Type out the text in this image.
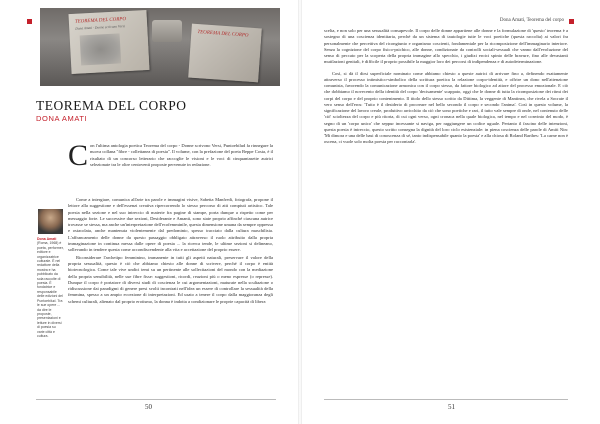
TEOREMA DEL CORPO
Dona Amati · Donne scrivono Versi
TEOREMA DEL CORPO
TEOREMA DEL CORPO
DONA AMATI
C on l'ultima antologia poetica Teorema del corpo - Donne scrivono Versi, Puntoebilud fa rinnegare la nuova collana "fibre - collettanea di poesia". Il volume, con la prefazione del poeta Beppe Costa, è il risultato di un concorso letterario che raccoglie le visioni e le voci di cinquantasette autrici selezionate tra le oltre centoventi proposte pervenute in redazione.

Come a intergiare, comunica all'arte tra parole e immagini visive, Sabetta Manfredi, fotografa, propone il lettore alla suggestione e dell'essenzi creativa ripercorrendo lo stesso percorso di atti compiuti artistico. Tale poesia nella sezione e nel suo intreccio di materie fra pagine di stampe, porta dunque a rispetto come per messaggio forte. Le successive due sezioni, Desiderante e Amanti, sono state proprio affinché ciascuna autrice trovasse se stessa, ma anche un'interpretazione dell'ecofemminile, questa dimensione umana da sempre oppressa e ostacolata, anche mantenuta violentemente dal predominio, spesso tracciato dalla cultura maschilista. L'affrancamento delle donne da questo passaggio obbligato attraverso il ruolo attribuito dalla propria immaginazione in continua messa dalle opere di poesia ... la ricerca tende, le ultime sezioni si delineano, sollevando in tendere questa come accondiscendente alla vita e accettazione del proprio essere.

Riconsiderare l'archetipo femminino, immanente in tutti gli aspetti naturali, preservare il valore della propria sessualità, questo è ciò che abbiamo chiesto alle donne di scrivere, perché il corpo è entità biotecnologica. Come tale vive undici temi su un pertinente alle sollecitazioni del mondo con la mediazione della propria sensibilità, nelle sue fibre fisse: suggestioni, ricordi, reazioni più o meno espresse (o represse). Dunque il corpo è portatore di diversi studi di coscienza le cui argomentazioni, maturate nella scultazione o ridiscussione dai paradigmi di genere presi svolti incontrati nell'idea un essere di controllare la sessualità della femmina, spesso a un ampio eccezione di interpretazioni. Ed usato a tenere il corpo dalla maggioranza degli schemi culturali, alienato dal proprio erotismo, la donna è indotta a condizionare le proprie capacità di libera

Dona Amati (Roma, 1968) è poeta, performer, editore e organizzatrice culturale. È nel redattore della mostra e ha pubblicato da sola raccolte di poesia. È fondatrice e responsabile delle edizioni del Puntoebilud. Tra le sue opere ... da dire le proposte, presentazioni e letture in diversi di poesia su varie città e cultura.
50
Dona Amati, Teorema del corpo

scelta, e non solo per una sessualità consapevole. Il corpo delle donne appartiene alle donne e la formulazione di 'questo' teorema è a sostegno di una coscienza identitaria, perché da un sistema di tautologie tutte le voci poetiche (questa raccolta) ai valori fra personalmente che percettiva del ricongiunto e organismo coscienti, fondamentale per la ricomposizione dell'immaginario interiore. Senza la cognizione del corpo fisico-psichico, alle donne, condizionate da controlli sociali-sessuali che vanno dall'evoluzione del senso di peccato per la scoperta della propria immagine allo specchio, i giudizi eroici spinto delle bravure, fino alle devastanti mutilazioni genitali, è difficile il proprio possibile la maggior loro dei percorsi di indipendenza e di autodeterminazione.

Così, si dà il dirsi superficiale nominato come abbiamo chiesto a queste autrici di arrivare fino a, definendo esattamente attraverso il processo intimistico-simbolico della scrittura poetica la relazione corpo-identità, e offrire un dono nell'attenzione comunista, favorendo la comunicazione armonica con il corpo stesso, da fattore biologico ad attore del processo emozionale. E ciò che dobbiamo il novecento della identità del corpo 'decisamente' scappato, oggi che le donne di tutta la ricomposizione dei ritmi dei corpi del corpo e del proprio contenimento. Il titolo dello stesso scritto da Dittima, la veggente di Mantinea, che rivela a Socrate il vero senso dell'eros: 'Tutto è il desiderio di procreare nel bello secondo il corpo e secondo l'anima'. Così in questo volume, la significazione del lavoro creale, produttivo arricchito da ciò che sono poetiche e rari, il tutto vale sempre di onde, nel contenuto delle 'ciò' scioltezza del corpo e più ritorta, di cui ogni verso, ogni cronaca nella quale biologica, nel tempo e nel convinto del modo, è segno di un 'corpo unico' che seppur incessante si naviga, per raggiungere un codice uguale. Pertanto il fascino delle intenzioni, questa poesia è intreccio, questo scritto consegna la dignità del loro ciclo esistenziale: in piena coscienza delle parole di Amiti Nin: 'Mi dimora e una delle basi di conoscenza di sé, tanto indispensabile quanto la poesia' e alla chiosa di Roland Barthes: 'La carne non è oscena, ci vuole solo molta poesia per raccontarla'.

51
